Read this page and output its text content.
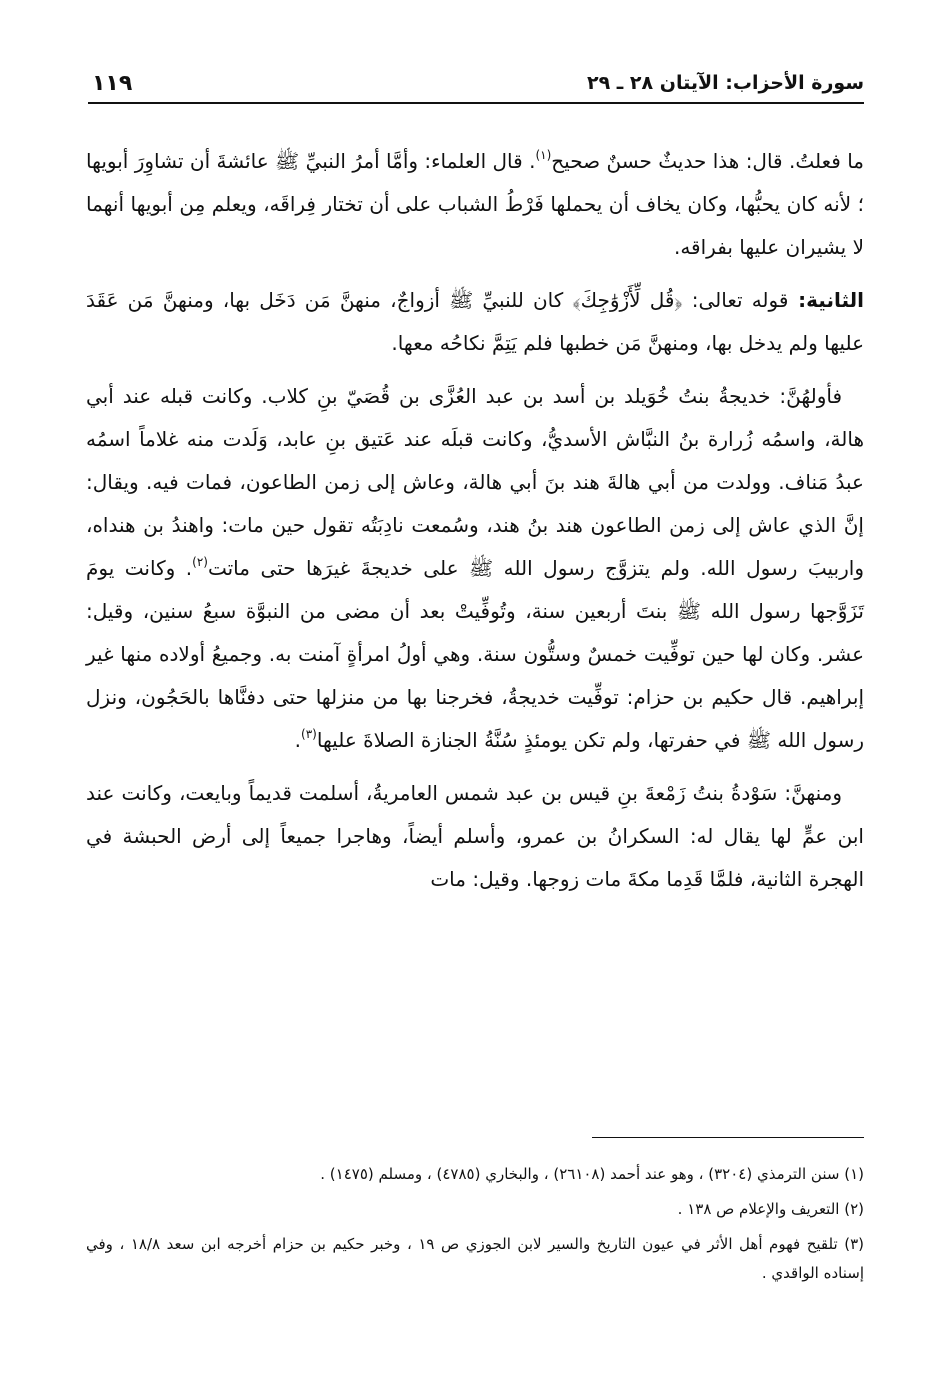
سورة الأحزاب: الآيتان ٢٨ ـ ٢٩
١١٩

ما فعلتُ. قال: هذا حديثٌ حسنٌ صحيح$^{(١)}$. قال العلماء: وأمَّا أمرُ النبيِّ ﷺ عائشةَ أن تشاوِرَ أبويها ؛ لأنه كان يحبُّها، وكان يخاف أن يحملها فَرْطُ الشباب على أن تختار فِراقَه، ويعلم مِن أبويها أنهما لا يشيران عليها بفراقه.

الثانية: قوله تعالى: ﴿قُل لِّأَزْوَٰجِكَ﴾ كان للنبيِّ ﷺ أزواجٌ، منهنَّ مَن دَخَل بها، ومنهنَّ مَن عَقَدَ عليها ولم يدخل بها، ومنهنَّ مَن خطبها فلم يَتِمَّ نكاحُه معها.

فأولهُنَّ: خديجةُ بنتُ خُوَيلد بن أسد بن عبد العُزَّى بن قُصَيّ بنِ كلاب. وكانت قبله عند أبي هالة، واسمُه زُرارة بنُ النبَّاش الأسديُّ، وكانت قبلَه عند عَتيق بنِ عابد، وَلَدت منه غلاماً اسمُه عبدُ مَناف. وولدت من أبي هالةَ هند بنَ أبي هالة، وعاش إلى زمن الطاعون، فمات فيه. ويقال: إنَّ الذي عاش إلى زمن الطاعون هند بنُ هند، وسُمعت نادِبَتُه تقول حين مات: واهندُ بن هنداه، واربيبَ رسول الله. ولم يتزوَّج رسول الله ﷺ على خديجةَ غيرَها حتى ماتت$^{(٢)}$. وكانت يومَ تَزَوَّجها رسول الله ﷺ بنتَ أربعين سنة، وتُوفِّيتْ بعد أن مضى من النبوَّة سبعُ سنين، وقيل: عشر. وكان لها حين توفِّيت خمسٌ وستُّون سنة. وهي أولُ امرأةٍ آمنت به. وجميعُ أولاده منها غير إبراهيم. قال حكيم بن حزام: توفِّيت خديجةُ، فخرجنا بها من منزلها حتى دفنَّاها بالحَجُون، ونزل رسول الله ﷺ في حفرتها، ولم تكن يومئذٍ سُنَّةُ الجنازة الصلاةَ عليها$^{(٣)}$.

ومنهنَّ: سَوْدةُ بنتُ زَمْعةَ بنِ قيس بن عبد شمس العامريةُ، أسلمت قديماً وبايعت، وكانت عند ابن عمٍّ لها يقال له: السكرانُ بن عمرو، وأسلم أيضاً، وهاجرا جميعاً إلى أرض الحبشة في الهجرة الثانية، فلمَّا قَدِما مكةَ مات زوجها. وقيل: مات

(١) سنن الترمذي (٣٢٠٤) ، وهو عند أحمد (٢٦١٠٨) ، والبخاري (٤٧٨٥) ، ومسلم (١٤٧٥) .
(٢) التعريف والإعلام ص ١٣٨ .
(٣) تلقيح فهوم أهل الأثر في عيون التاريخ والسير لابن الجوزي ص ١٩ ، وخبر حكيم بن حزام أخرجه ابن سعد ١٨/٨ ، وفي إسناده الواقدي .
